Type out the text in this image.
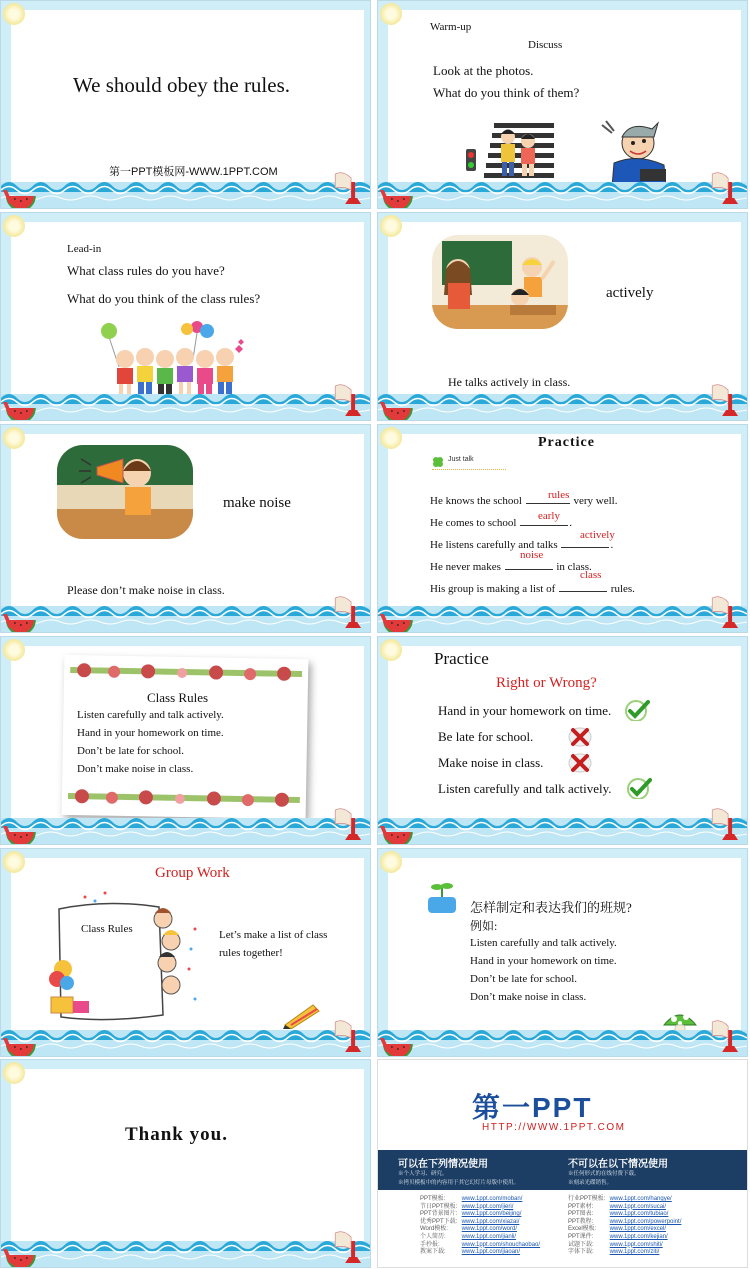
We should obey the rules.
第一PPT模板网-WWW.1PPT.COM
Warm-up
Discuss
Look at the photos.
What do you think of them?
Lead-in
What class rules do you have?
What do you think of the class rules?	actively
He talks actively in class.
make noise
Please don’t make noise in class.
Practice
Just talk
He knows the school	very well.
rules
He comes to school	.
early
He listens carefully and talks	.
actively
He never makes	in class.
noise
His group is making a list of	rules.
class
Class Rules
Listen carefully and talk actively.
Hand in your homework on time.
Don’t be late for school.
Don’t make noise in class.
Practice
Right or Wrong?
Hand in your homework on time.
Be late for school.
Make noise in class.
Listen carefully and talk actively.
Group Work
Class Rules	Let’s make a list of class
rules together!
怎样制定和表达我们的班规?
例如:
Listen carefully and talk actively.
Hand in your homework on time.
Don’t be late for school.
Don’t make noise in class.
Thank you.
第一PPT
HTTP://WWW.1PPT.COM
可以在下列情况使用
※个人学习、研究。
※拷贝模板中的内容用于其它幻灯片母版中使用。
不可以在以下情况使用
※任何形式的在线付费下载。
※刻录光碟销售。
PPT模板:	www.1ppt.com/moban/
节日PPT模板: www.1ppt.com/jieri/
PPT背景图片: www.1ppt.com/beijing/
优秀PPT下载: www.1ppt.com/xiazai/
Word模板: www.1ppt.com/word/
个人简历:	www.1ppt.com/jianli/
手抄报:	www.1ppt.com/shouchaobao/
教案下载:	www.1ppt.com/jiaoan/
行业PPT模板: www.1ppt.com/hangye/
PPT素材:	www.1ppt.com/sucai/
PPT图表:	www.1ppt.com/tubiao/
PPT教程:	www.1ppt.com/powerpoint/
Excel模板: www.1ppt.com/excel/
PPT课件:	www.1ppt.com/kejian/
试题下载:	www.1ppt.com/shiti/
字体下载:	www.1ppt.com/ziti/
